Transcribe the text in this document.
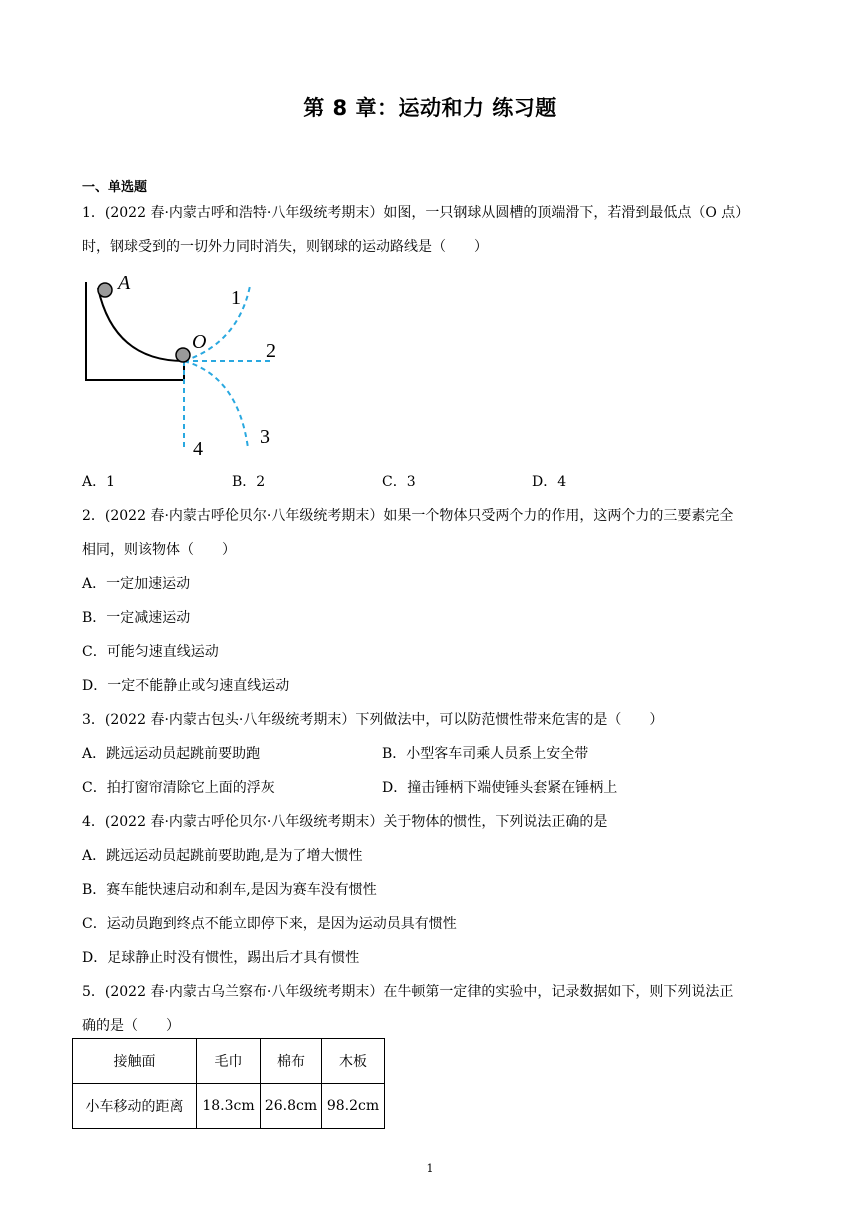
第 8 章：运动和力 练习题
一、单选题
1．(2022 春·内蒙古呼和浩特·八年级统考期末）如图，一只钢球从圆槽的顶端滑下，若滑到最低点（O 点）
时，钢球受到的一切外力同时消失，则钢球的运动路线是（　　）
A
O
1
2
3
4
A．1	B．2	C．3	D．4
2．(2022 春·内蒙古呼伦贝尔·八年级统考期末）如果一个物体只受两个力的作用，这两个力的三要素完全
相同，则该物体（　　）
A．一定加速运动
B．一定减速运动
C．可能匀速直线运动
D．一定不能静止或匀速直线运动
3．(2022 春·内蒙古包头·八年级统考期末）下列做法中，可以防范惯性带来危害的是（　　）
A．跳远运动员起跳前要助跑	B．小型客车司乘人员系上安全带
C．拍打窗帘清除它上面的浮灰	D．撞击锤柄下端使锤头套紧在锤柄上
4．(2022 春·内蒙古呼伦贝尔·八年级统考期末）关于物体的惯性，下列说法正确的是
A．跳远运动员起跳前要助跑,是为了增大惯性
B．赛车能快速启动和刹车,是因为赛车没有惯性
C．运动员跑到终点不能立即停下来，是因为运动员具有惯性
D．足球静止时没有惯性，踢出后才具有惯性
5．(2022 春·内蒙古乌兰察布·八年级统考期末）在牛顿第一定律的实验中，记录数据如下，则下列说法正
确的是（　　）
接触面	毛巾	棉布	木板
小车移动的距离	18.3cm	26.8cm	98.2cm
1
